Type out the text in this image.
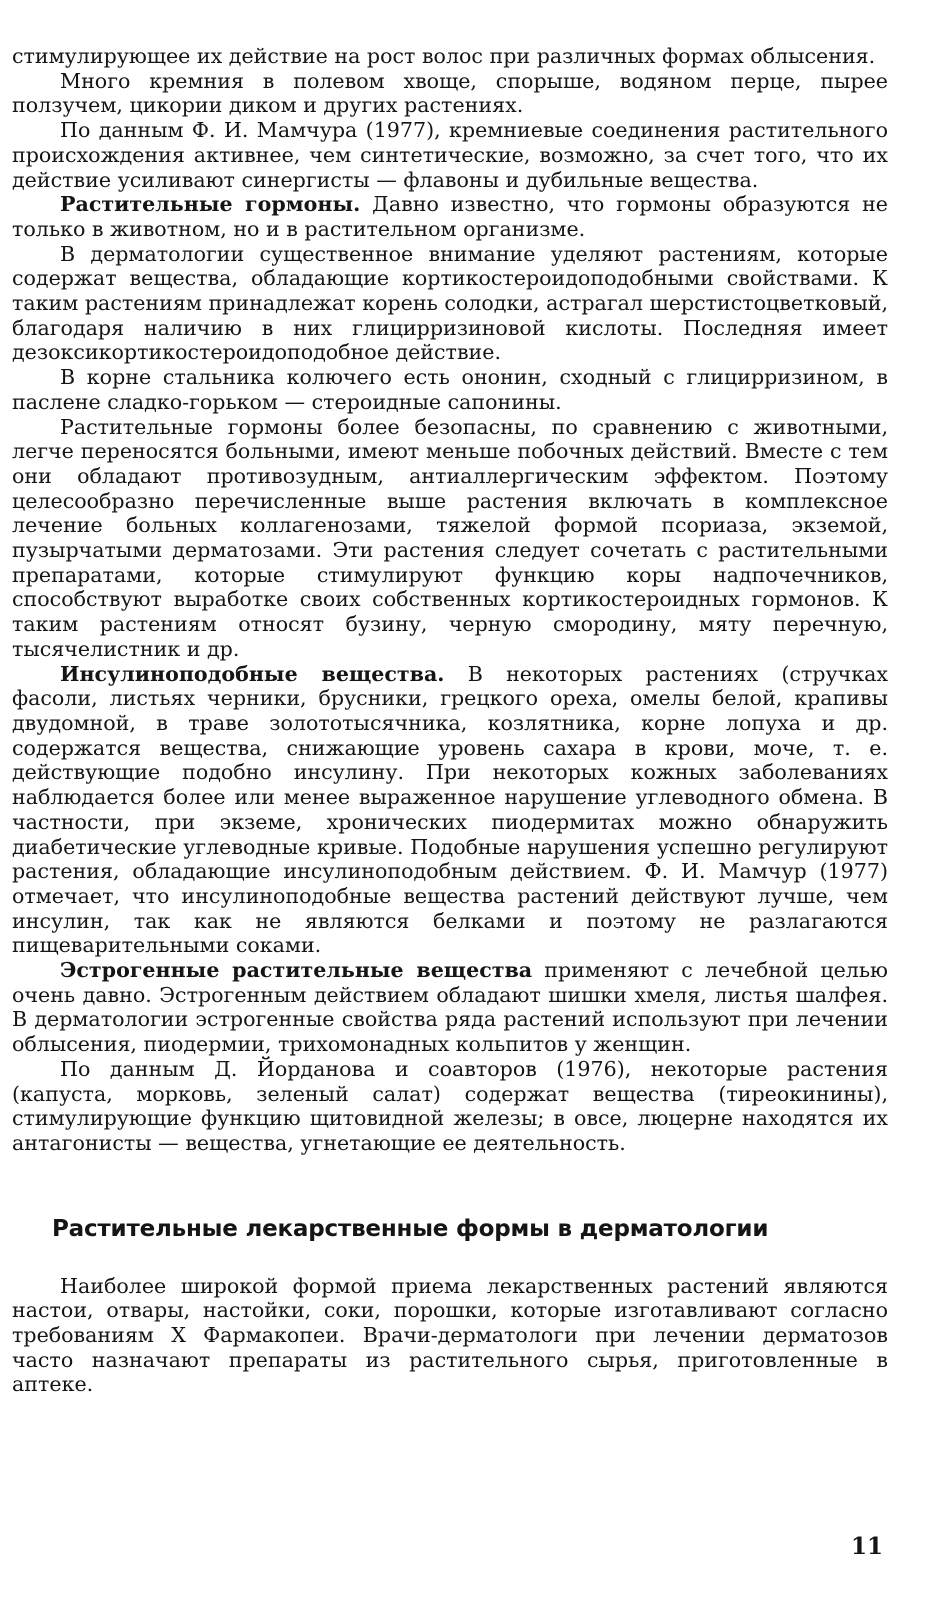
стимулирующее их действие на рост волос при различных формах облысения.

Много кремния в полевом хвоще, спорыше, водяном перце, пырее ползучем, цикории диком и других растениях.

По данным Ф. И. Мамчура (1977), кремниевые соединения растительного происхождения активнее, чем синтетические, возможно, за счет того, что их действие усиливают синергисты — флавоны и дубильные вещества.

Растительные гормоны. Давно известно, что гормоны образуются не только в животном, но и в растительном организме.

В дерматологии существенное внимание уделяют растениям, которые содержат вещества, обладающие кортикостероидоподобными свойствами. К таким растениям принадлежат корень солодки, астрагал шерстистоцветковый, благодаря наличию в них глицирризиновой кислоты. Последняя имеет дезоксикортикостероидоподобное действие.

В корне стальника колючего есть ононин, сходный с глицирризином, в паслене сладко-горьком — стероидные сапонины.

Растительные гормоны более безопасны, по сравнению с животными, легче переносятся больными, имеют меньше побочных действий. Вместе с тем они обладают противозудным, антиаллергическим эффектом. Поэтому целесообразно перечисленные выше растения включать в комплексное лечение больных коллагенозами, тяжелой формой псориаза, экземой, пузырчатыми дерматозами. Эти растения следует сочетать с растительными препаратами, которые стимулируют функцию коры надпочечников, способствуют выработке своих собственных кортикостероидных гормонов. К таким растениям относят бузину, черную смородину, мяту перечную, тысячелистник и др.

Инсулиноподобные вещества. В некоторых растениях (стручках фасоли, листьях черники, брусники, грецкого ореха, омелы белой, крапивы двудомной, в траве золототысячника, козлятника, корне лопуха и др. содержатся вещества, снижающие уровень сахара в крови, моче, т. е. действующие подобно инсулину. При некоторых кожных заболеваниях наблюдается более или менее выраженное нарушение углеводного обмена. В частности, при экземе, хронических пиодермитах можно обнаружить диабетические углеводные кривые. Подобные нарушения успешно регулируют растения, обладающие инсулиноподобным действием. Ф. И. Мамчур (1977) отмечает, что инсулиноподобные вещества растений действуют лучше, чем инсулин, так как не являются белками и поэтому не разлагаются пищеварительными соками.

Эстрогенные растительные вещества применяют с лечебной целью очень давно. Эстрогенным действием обладают шишки хмеля, листья шалфея. В дерматологии эстрогенные свойства ряда растений используют при лечении облысения, пиодермии, трихомонадных кольпитов у женщин.

По данным Д. Йорданова и соавторов (1976), некоторые растения (капуста, морковь, зеленый салат) содержат вещества (тиреокинины), стимулирующие функцию щитовидной железы; в овсе, люцерне находятся их антагонисты — вещества, угнетающие ее деятельность.

Растительные лекарственные формы в дерматологии

Наиболее широкой формой приема лекарственных растений являются настои, отвары, настойки, соки, порошки, которые изготавливают согласно требованиям X Фармакопеи. Врачи-дерматологи при лечении дерматозов часто назначают препараты из растительного сырья, приготовленные в аптеке.

11
